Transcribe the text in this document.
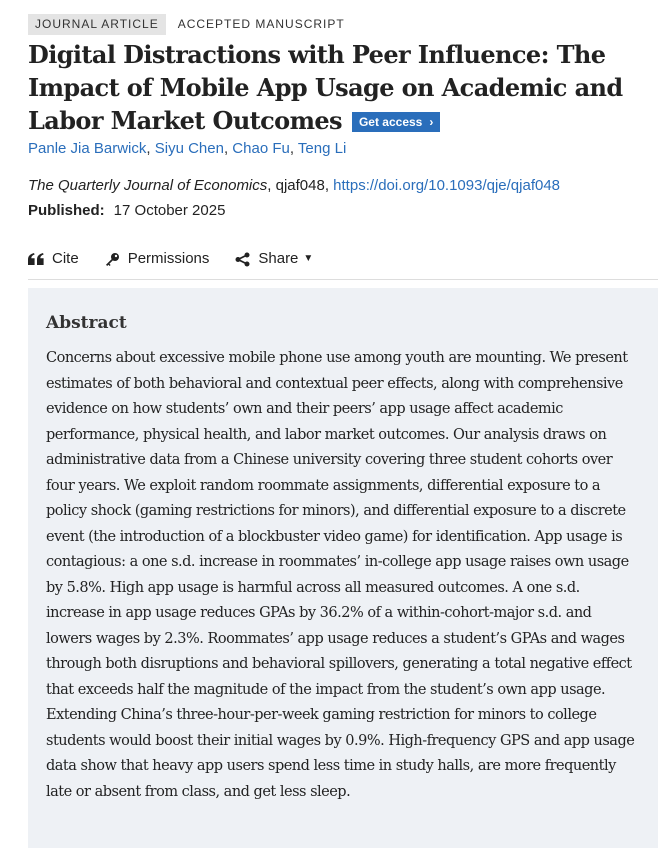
JOURNAL ARTICLE	ACCEPTED MANUSCRIPT
Digital Distractions with Peer Influence: The Impact of Mobile App Usage on Academic and Labor Market Outcomes Get access ›
Panle Jia Barwick, Siyu Chen, Chao Fu, Teng Li
The Quarterly Journal of Economics, qjaf048, https://doi.org/10.1093/qje/qjaf048
Published: 17 October 2025
Cite	Permissions	Share ▼
Abstract

Concerns about excessive mobile phone use among youth are mounting. We present estimates of both behavioral and contextual peer effects, along with comprehensive evidence on how students’ own and their peers’ app usage affect academic performance, physical health, and labor market outcomes. Our analysis draws on administrative data from a Chinese university covering three student cohorts over four years. We exploit random roommate assignments, differential exposure to a policy shock (gaming restrictions for minors), and differential exposure to a discrete event (the introduction of a blockbuster video game) for identification. App usage is contagious: a one s.d. increase in roommates’ in-college app usage raises own usage by 5.8%. High app usage is harmful across all measured outcomes. A one s.d. increase in app usage reduces GPAs by 36.2% of a within-cohort-major s.d. and lowers wages by 2.3%. Roommates’ app usage reduces a student’s GPAs and wages through both disruptions and behavioral spillovers, generating a total negative effect that exceeds half the magnitude of the impact from the student’s own app usage. Extending China’s three-hour-per-week gaming restriction for minors to college students would boost their initial wages by 0.9%. High-frequency GPS and app usage data show that heavy app users spend less time in study halls, are more frequently late or absent from class, and get less sleep.
